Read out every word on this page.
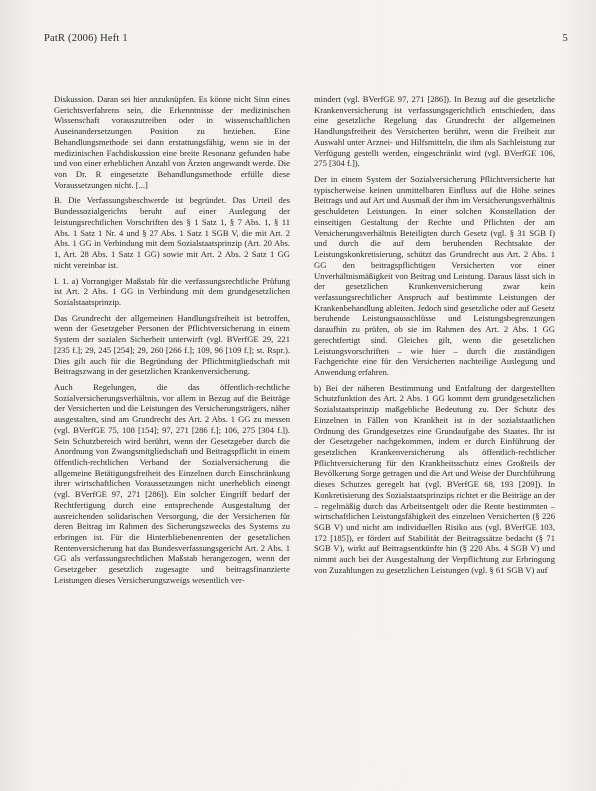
PatR (2006) Heft 1	5

Diskussion. Daran sei hier anzuknüpfen. Es könne nicht Sinn eines Gerichtsverfahrens sein, die Erkenntnisse der medizinischen Wissenschaft vorauszutreiben oder in wissenschaftlichen Auseinandersetzungen Position zu beziehen. Eine Behandlungsmethode sei dann erstattungsfähig, wenn sie in der medizinischen Fachdiskussion eine breite Resonanz gefunden habe und von einer erheblichen Anzahl von Ärzten angewandt werde. Die von Dr. R eingesetzte Behandlungsmethode erfülle diese Voraussetzungen nicht. [...]

B. Die Verfassungsbeschwerde ist begründet. Das Urteil des Bundessozialgerichts beruht auf einer Auslegung der leistungsrechtlichen Vorschriften des § 1 Satz 1, § 7 Abs. 1, § 11 Abs. 1 Satz 1 Nr. 4 und § 27 Abs. 1 Satz 1 SGB V, die mit Art. 2 Abs. 1 GG in Verbindung mit dem Sozialstaatsprinzip (Art. 20 Abs. 1, Art. 28 Abs. 1 Satz 1 GG) sowie mit Art. 2 Abs. 2 Satz 1 GG nicht vereinbar ist.

I. 1. a) Vorrangiger Maßstab für die verfassungsrechtliche Prüfung ist Art. 2 Abs. 1 GG in Verbindung mit dem grundgesetzlichen Sozialstaatsprinzip.

Das Grundrecht der allgemeinen Handlungsfreiheit ist betroffen, wenn der Gesetzgeber Personen der Pflichtversicherung in einem System der sozialen Sicherheit unterwirft (vgl. BVerfGE 29, 221 [235 f.]; 29, 245 [254]; 29, 260 [266 f.]; 109, 96 [109 f.]; st. Rspr.). Dies gilt auch für die Begründung der Pflichtmitgliedschaft mit Beitragszwang in der gesetzlichen Krankenversicherung.

Auch Regelungen, die das öffentlich-rechtliche Sozialversicherungsverhältnis, vor allem in Bezug auf die Beiträge der Versicherten und die Leistungen des Versicherungsträgers, näher ausgestalten, sind am Grundrecht des Art. 2 Abs. 1 GG zu messen (vgl. BVerfGE 75, 108 [154]; 97, 271 [286 f.]; 106, 275 [304 f.]). Sein Schutzbereich wird berührt, wenn der Gesetzgeber durch die Anordnung von Zwangsmitgliedschaft und Beitragspflicht in einem öffentlich-rechtlichen Verband der Sozialversicherung die allgemeine Betätigungsfreiheit des Einzelnen durch Einschränkung ihrer wirtschaftlichen Voraussetzungen nicht unerheblich einengt (vgl. BVerfGE 97, 271 [286]). Ein solcher Eingriff bedarf der Rechtfertigung durch eine entsprechende Ausgestaltung der ausreichenden solidarischen Versorgung, die der Versicherten für deren Beitrag im Rahmen des Sicherungszwecks des Systems zu erbringen ist. Für die Hinterbliebenenrenten der gesetzlichen Rentenversicherung hat das Bundesverfassungsgericht Art. 2 Abs. 1 GG als verfassungsrechtlichen Maßstab herangezogen, wenn der Gesetzgeber gesetzlich zugesagte und beitragsfinanzierte Leistungen dieses Versicherungszweigs wesentlich ver-

mindert (vgl. BVerfGE 97, 271 [286]). In Bezug auf die gesetzliche Krankenversicherung ist verfassungsgerichtlich entschieden, dass eine gesetzliche Regelung das Grundrecht der allgemeinen Handlungsfreiheit des Versicherten berührt, wenn die Freiheit zur Auswahl unter Arznei- und Hilfsmitteln, die ihm als Sachleistung zur Verfügung gestellt werden, eingeschränkt wird (vgl. BVerfGE 106, 275 [304 f.]).

Der in einem System der Sozialversicherung Pflichtversicherte hat typischerweise keinen unmittelbaren Einfluss auf die Höhe seines Beitrags und auf Art und Ausmaß der ihm im Versicherungsverhältnis geschuldeten Leistungen. In einer solchen Konstellation der einseitigen Gestaltung der Rechte und Pflichten der am Versicherungsverhältnis Beteiligten durch Gesetz (vgl. § 31 SGB I) und durch die auf dem beruhenden Rechtsakte der Leistungskonkretisierung, schützt das Grundrecht aus Art. 2 Abs. 1 GG den beitragspflichtigen Versicherten vor einer Unverhältnismäßigkeit von Beitrag und Leistung. Daraus lässt sich in der gesetzlichen Krankenversicherung zwar kein verfassungsrechtlicher Anspruch auf bestimmte Leistungen der Krankenbehandlung ableiten. Jedoch sind gesetzliche oder auf Gesetz beruhende Leistungsausschlüsse und Leistungsbegrenzungen daraufhin zu prüfen, ob sie im Rahmen des Art. 2 Abs. 1 GG gerechtfertigt sind. Gleiches gilt, wenn die gesetzlichen Leistungsvorschriften – wie hier – durch die zuständigen Fachgerichte eine für den Versicherten nachteilige Auslegung und Anwendung erfahren.

b) Bei der näheren Bestimmung und Entfaltung der dargestellten Schutzfunktion des Art. 2 Abs. 1 GG kommt dem grundgesetzlichen Sozialstaatsprinzip maßgebliche Bedeutung zu. Der Schutz des Einzelnen in Fällen von Krankheit ist in der sozialstaatlichen Ordnung des Grundgesetzes eine Grundaufgabe des Staates. Ihr ist der Gesetzgeber nachgekommen, indem er durch Einführung der gesetzlichen Krankenversicherung als öffentlich-rechtlicher Pflichtversicherung für den Krankheitsschutz eines Großteils der Bevölkerung Sorge getragen und die Art und Weise der Durchführung dieses Schutzes geregelt hat (vgl. BVerfGE 68, 193 [209]). In Konkretisierung des Sozialstaatsprinzips richtet er die Beiträge an der – regelmäßig durch das Arbeitsentgelt oder die Rente bestimmten – wirtschaftlichen Leistungsfähigkeit des einzelnen Versicherten (§ 226 SGB V) und nicht am individuellen Risiko aus (vgl. BVerfGE 103, 172 [185]), er fördert auf Stabilität der Beitragssätze bedacht (§ 71 SGB V), wirkt auf Beitragsentkünfte hin (§ 220 Abs. 4 SGB V) und nimmt auch bei der Ausgestaltung der Verpflichtung zur Erbringung von Zuzahlungen zu gesetzlichen Leistungen (vgl. § 61 SGB V) auf
